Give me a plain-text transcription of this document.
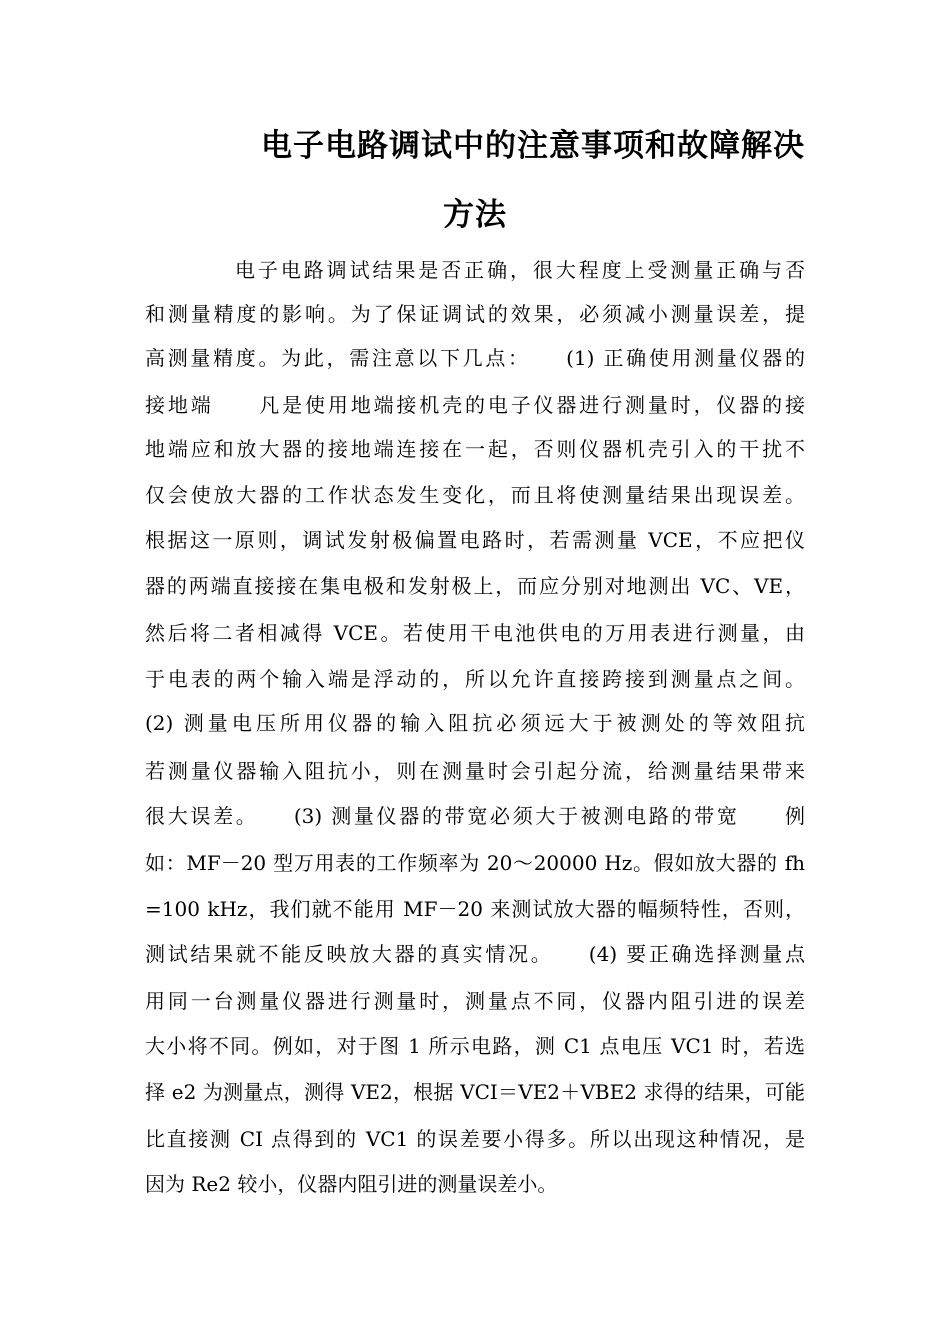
电子电路调试中的注意事项和故障解决
方法
电子电路调试结果是否正确，很大程度上受测量正确与否
和测量精度的影响。为了保证调试的效果，必须减小测量误差，提
高测量精度。为此，需注意以下几点：　　(1) 正确使用测量仪器的
接地端　　凡是使用地端接机壳的电子仪器进行测量时，仪器的接
地端应和放大器的接地端连接在一起，否则仪器机壳引入的干扰不
仅会使放大器的工作状态发生变化，而且将使测量结果出现误差。
根据这一原则，调试发射极偏置电路时，若需测量 VCE，不应把仪
器的两端直接接在集电极和发射极上，而应分别对地测出 VC、VE，
然后将二者相减得 VCE。若使用干电池供电的万用表进行测量，由
于电表的两个输入端是浮动的，所以允许直接跨接到测量点之间。
(2) 测量电压所用仪器的输入阻抗必须远大于被测处的等效阻抗
若测量仪器输入阻抗小，则在测量时会引起分流，给测量结果带来
很大误差。　　(3) 测量仪器的带宽必须大于被测电路的带宽　　例
如：MF－20 型万用表的工作频率为 20～20000 Hz。假如放大器的 fh
=100 kHz，我们就不能用 MF－20 来测试放大器的幅频特性，否则，
测试结果就不能反映放大器的真实情况。　　(4) 要正确选择测量点
用同一台测量仪器进行测量时，测量点不同，仪器内阻引进的误差
大小将不同。例如，对于图 1 所示电路，测 C1 点电压 VC1 时，若选
择 e2 为测量点，测得 VE2，根据 VCI＝VE2＋VBE2 求得的结果，可能
比直接测 CI 点得到的 VC1 的误差要小得多。所以出现这种情况，是
因为 Re2 较小，仪器内阻引进的测量误差小。
